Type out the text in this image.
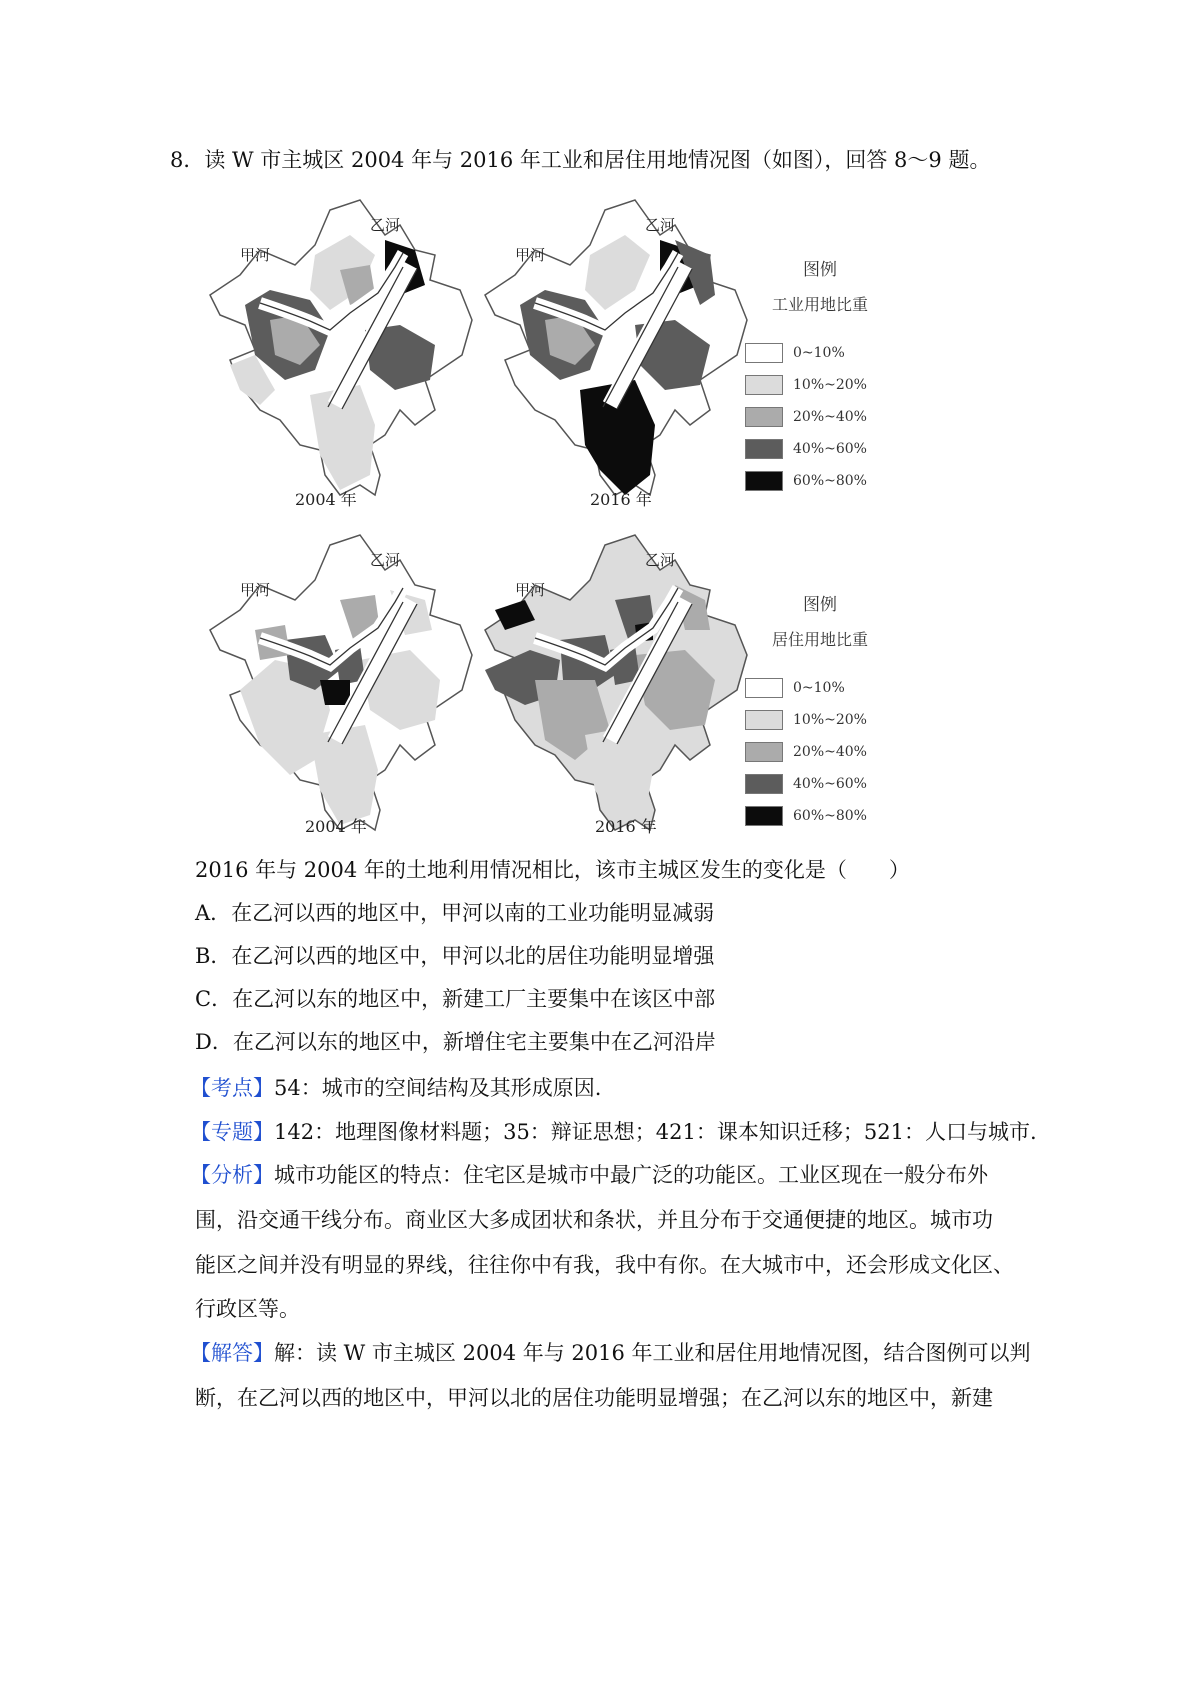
8．读 W 市主城区 2004 年与 2016 年工业和居住用地情况图（如图），回答 8～9 题。
甲河
乙河
2004 年
甲河
乙河
2016 年
图例
工业用地比重
0~10%
10%~20%
20%~40%
40%~60%
60%~80%
甲河
乙河
2004 年
甲河
乙河
2016 年
图例
居住用地比重
0~10%
10%~20%
20%~40%
40%~60%
60%~80%
2016 年与 2004 年的土地利用情况相比，该市主城区发生的变化是（　　）
A．在乙河以西的地区中，甲河以南的工业功能明显减弱
B．在乙河以西的地区中，甲河以北的居住功能明显增强
C．在乙河以东的地区中，新建工厂主要集中在该区中部
D．在乙河以东的地区中，新增住宅主要集中在乙河沿岸
【考点】54：城市的空间结构及其形成原因.
【专题】142：地理图像材料题；35：辩证思想；421：课本知识迁移；521：人口与城市.
【分析】城市功能区的特点：住宅区是城市中最广泛的功能区。工业区现在一般分布外
围，沿交通干线分布。商业区大多成团状和条状，并且分布于交通便捷的地区。城市功
能区之间并没有明显的界线，往往你中有我，我中有你。在大城市中，还会形成文化区、
行政区等。
【解答】解：读 W 市主城区 2004 年与 2016 年工业和居住用地情况图，结合图例可以判
断，在乙河以西的地区中，甲河以北的居住功能明显增强；在乙河以东的地区中，新建
